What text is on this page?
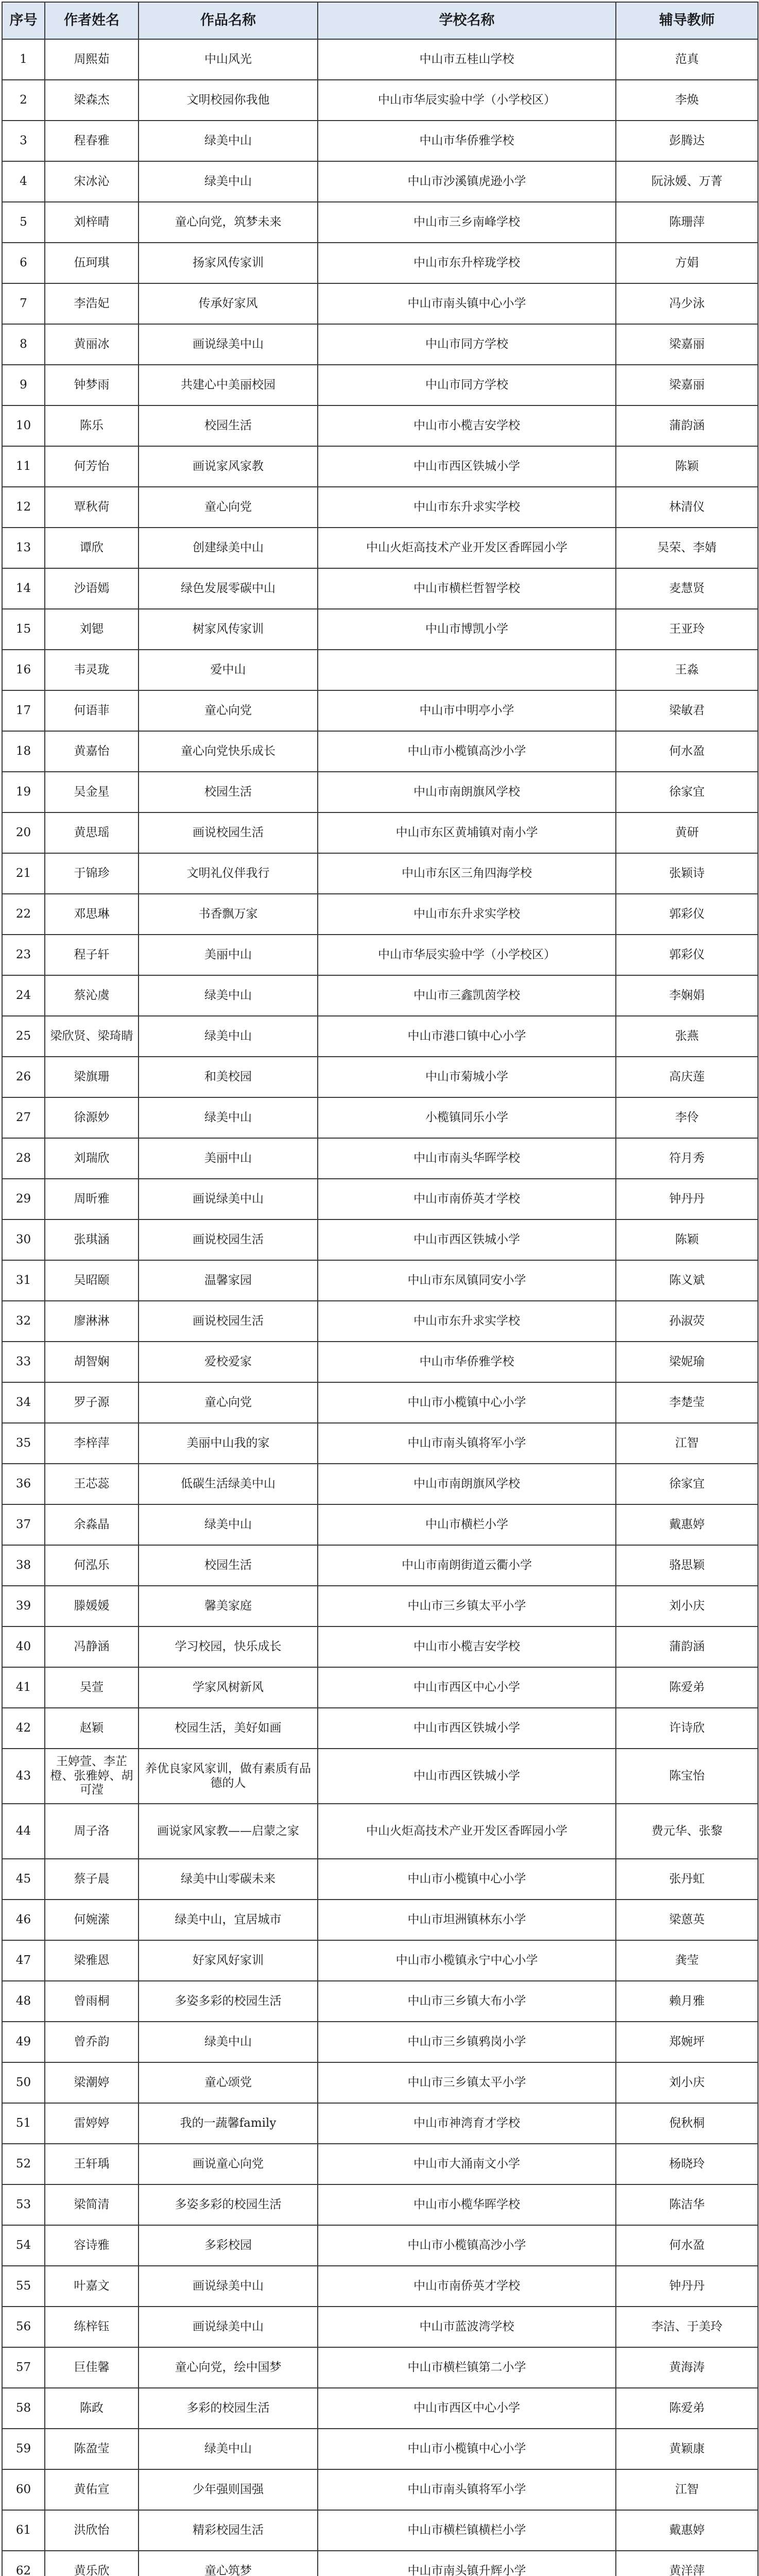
序号	作者姓名	作品名称	学校名称	辅导教师
1	周熙茹	中山风光	中山市五桂山学校	范真
2	梁森杰	文明校园你我他	中山市华辰实验中学（小学校区）	李焕
3	程春雅	绿美中山	中山市华侨雅学校	彭腾达
4	宋冰沁	绿美中山	中山市沙溪镇虎逊小学	阮泳媛、万菁
5	刘梓晴	童心向党，筑梦未来	中山市三乡南峰学校	陈珊萍
6	伍珂琪	扬家风传家训	中山市东升梓珑学校	方娟
7	李浩妃	传承好家风	中山市南头镇中心小学	冯少泳
8	黄丽冰	画说绿美中山	中山市同方学校	梁嘉丽
9	钟梦雨	共建心中美丽校园	中山市同方学校	梁嘉丽
10	陈乐	校园生活	中山市小榄吉安学校	蒲韵涵
11	何芳怡	画说家风家教	中山市西区铁城小学	陈颖
12	覃秋荷	童心向党	中山市东升求实学校	林清仪
13	谭欣	创建绿美中山	中山火炬高技术产业开发区香晖园小学	吴荣、李婧
14	沙语嫣	绿色发展零碳中山	中山市横栏哲智学校	麦慧贤
15	刘锶	树家风传家训	中山市博凯小学	王亚玲
16	韦灵珑	爱中山		王淼
17	何语菲	童心向党	中山市中明亭小学	梁敏君
18	黄嘉怡	童心向党快乐成长	中山市小榄镇高沙小学	何水盈
19	吴金星	校园生活	中山市南朗旗风学校	徐家宜
20	黄思瑶	画说校园生活	中山市东区黄埔镇对南小学	黄研
21	于锦珍	文明礼仪伴我行	中山市东区三角四海学校	张颖诗
22	邓思琳	书香飘万家	中山市东升求实学校	郭彩仪
23	程子轩	美丽中山	中山市华辰实验中学（小学校区）	郭彩仪
24	蔡沁虞	绿美中山	中山市三鑫凯茵学校	李娴娟
25	梁欣贤、梁琦睛	绿美中山	中山市港口镇中心小学	张燕
26	梁旗珊	和美校园	中山市菊城小学	高庆莲
27	徐源妙	绿美中山	小榄镇同乐小学	李伶
28	刘瑞欣	美丽中山	中山市南头华晖学校	符月秀
29	周昕雅	画说绿美中山	中山市南侨英才学校	钟丹丹
30	张琪涵	画说校园生活	中山市西区铁城小学	陈颖
31	吴昭颐	温馨家园	中山市东凤镇同安小学	陈义斌
32	廖淋淋	画说校园生活	中山市东升求实学校	孙淑荧
33	胡智娴	爱校爱家	中山市华侨雅学校	梁妮瑜
34	罗子源	童心向党	中山市小榄镇中心小学	李楚莹
35	李梓萍	美丽中山我的家	中山市南头镇将军小学	江智
36	王芯蕊	低碳生活绿美中山	中山市南朗旗风学校	徐家宜
37	余淼晶	绿美中山	中山市横栏小学	戴惠婷
38	何泓乐	校园生活	中山市南朗街道云衢小学	骆思颖
39	滕媛媛	馨美家庭	中山市三乡镇太平小学	刘小庆
40	冯静涵	学习校园，快乐成长	中山市小榄吉安学校	蒲韵涵
41	吴萱	学家风树新风	中山市西区中心小学	陈爱弟
42	赵颖	校园生活，美好如画	中山市西区铁城小学	许诗欣
43	王婷萱、李芷橙、张雅婷、胡可滢	养优良家风家训，做有素质有品德的人	中山市西区铁城小学	陈宝怡
44	周子洛	画说家风家教——启蒙之家	中山火炬高技术产业开发区香晖园小学	费元华、张黎
45	蔡子晨	绿美中山零碳未来	中山市小榄镇中心小学	张丹虹
46	何婉潆	绿美中山，宜居城市	中山市坦洲镇林东小学	梁蒽英
47	梁雅恩	好家风好家训	中山市小榄镇永宁中心小学	龚莹
48	曾雨桐	多姿多彩的校园生活	中山市三乡镇大布小学	赖月雅
49	曾乔韵	绿美中山	中山市三乡镇鸦岗小学	郑婉坪
50	梁潮婷	童心颂党	中山市三乡镇太平小学	刘小庆
51	雷婷婷	我的一蔬馨family	中山市神湾育才学校	倪秋桐
52	王轩瑀	画说童心向党	中山市大涌南文小学	杨晓玲
53	梁简清	多姿多彩的校园生活	中山市小榄华晖学校	陈洁华
54	容诗雅	多彩校园	中山市小榄镇高沙小学	何水盈
55	叶嘉文	画说绿美中山	中山市南侨英才学校	钟丹丹
56	练梓钰	画说绿美中山	中山市蓝波湾学校	李洁、于美玲
57	巨佳馨	童心向党，绘中国梦	中山市横栏镇第二小学	黄海涛
58	陈政	多彩的校园生活	中山市西区中心小学	陈爱弟
59	陈盈莹	绿美中山	中山市小榄镇中心小学	黄颖康
60	黄佑宣	少年强则国强	中山市南头镇将军小学	江智
61	洪欣怡	精彩校园生活	中山市横栏镇横栏小学	戴惠婷
62	黄乐欣	童心筑梦	中山市南头镇升辉小学	黄洋萍
